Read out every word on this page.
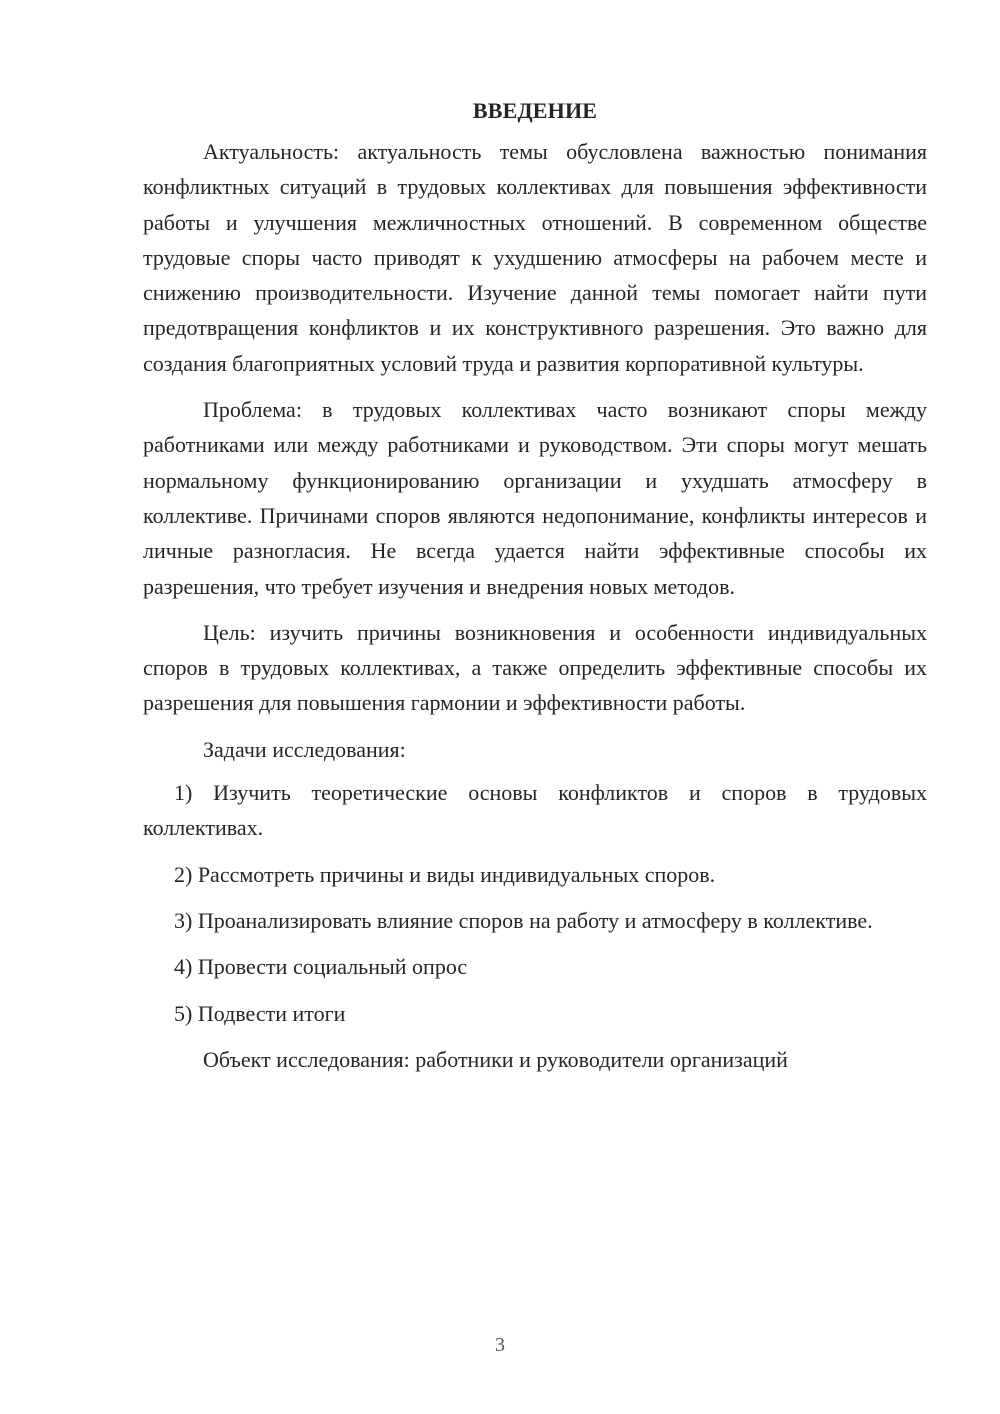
ВВЕДЕНИЕ

Актуальность: актуальность темы обусловлена важностью понимания конфликтных ситуаций в трудовых коллективах для повышения эффективности работы и улучшения межличностных отношений. В современном обществе трудовые споры часто приводят к ухудшению атмосферы на рабочем месте и снижению производительности. Изучение данной темы помогает найти пути предотвращения конфликтов и их конструктивного разрешения. Это важно для создания благоприятных условий труда и развития корпоративной культуры.

Проблема: в трудовых коллективах часто возникают споры между работниками или между работниками и руководством. Эти споры могут мешать нормальному функционированию организации и ухудшать атмосферу в коллективе. Причинами споров являются недопонимание, конфликты интересов и личные разногласия. Не всегда удается найти эффективные способы их разрешения, что требует изучения и внедрения новых методов.

Цель: изучить причины возникновения и особенности индивидуальных споров в трудовых коллективах, а также определить эффективные способы их разрешения для повышения гармонии и эффективности работы.

Задачи исследования:

1) Изучить теоретические основы конфликтов и споров в трудовых коллективах.

2) Рассмотреть причины и виды индивидуальных споров.

3) Проанализировать влияние споров на работу и атмосферу в коллективе.

4) Провести социальный опрос

5) Подвести итоги

Объект исследования: работники и руководители организаций

3
